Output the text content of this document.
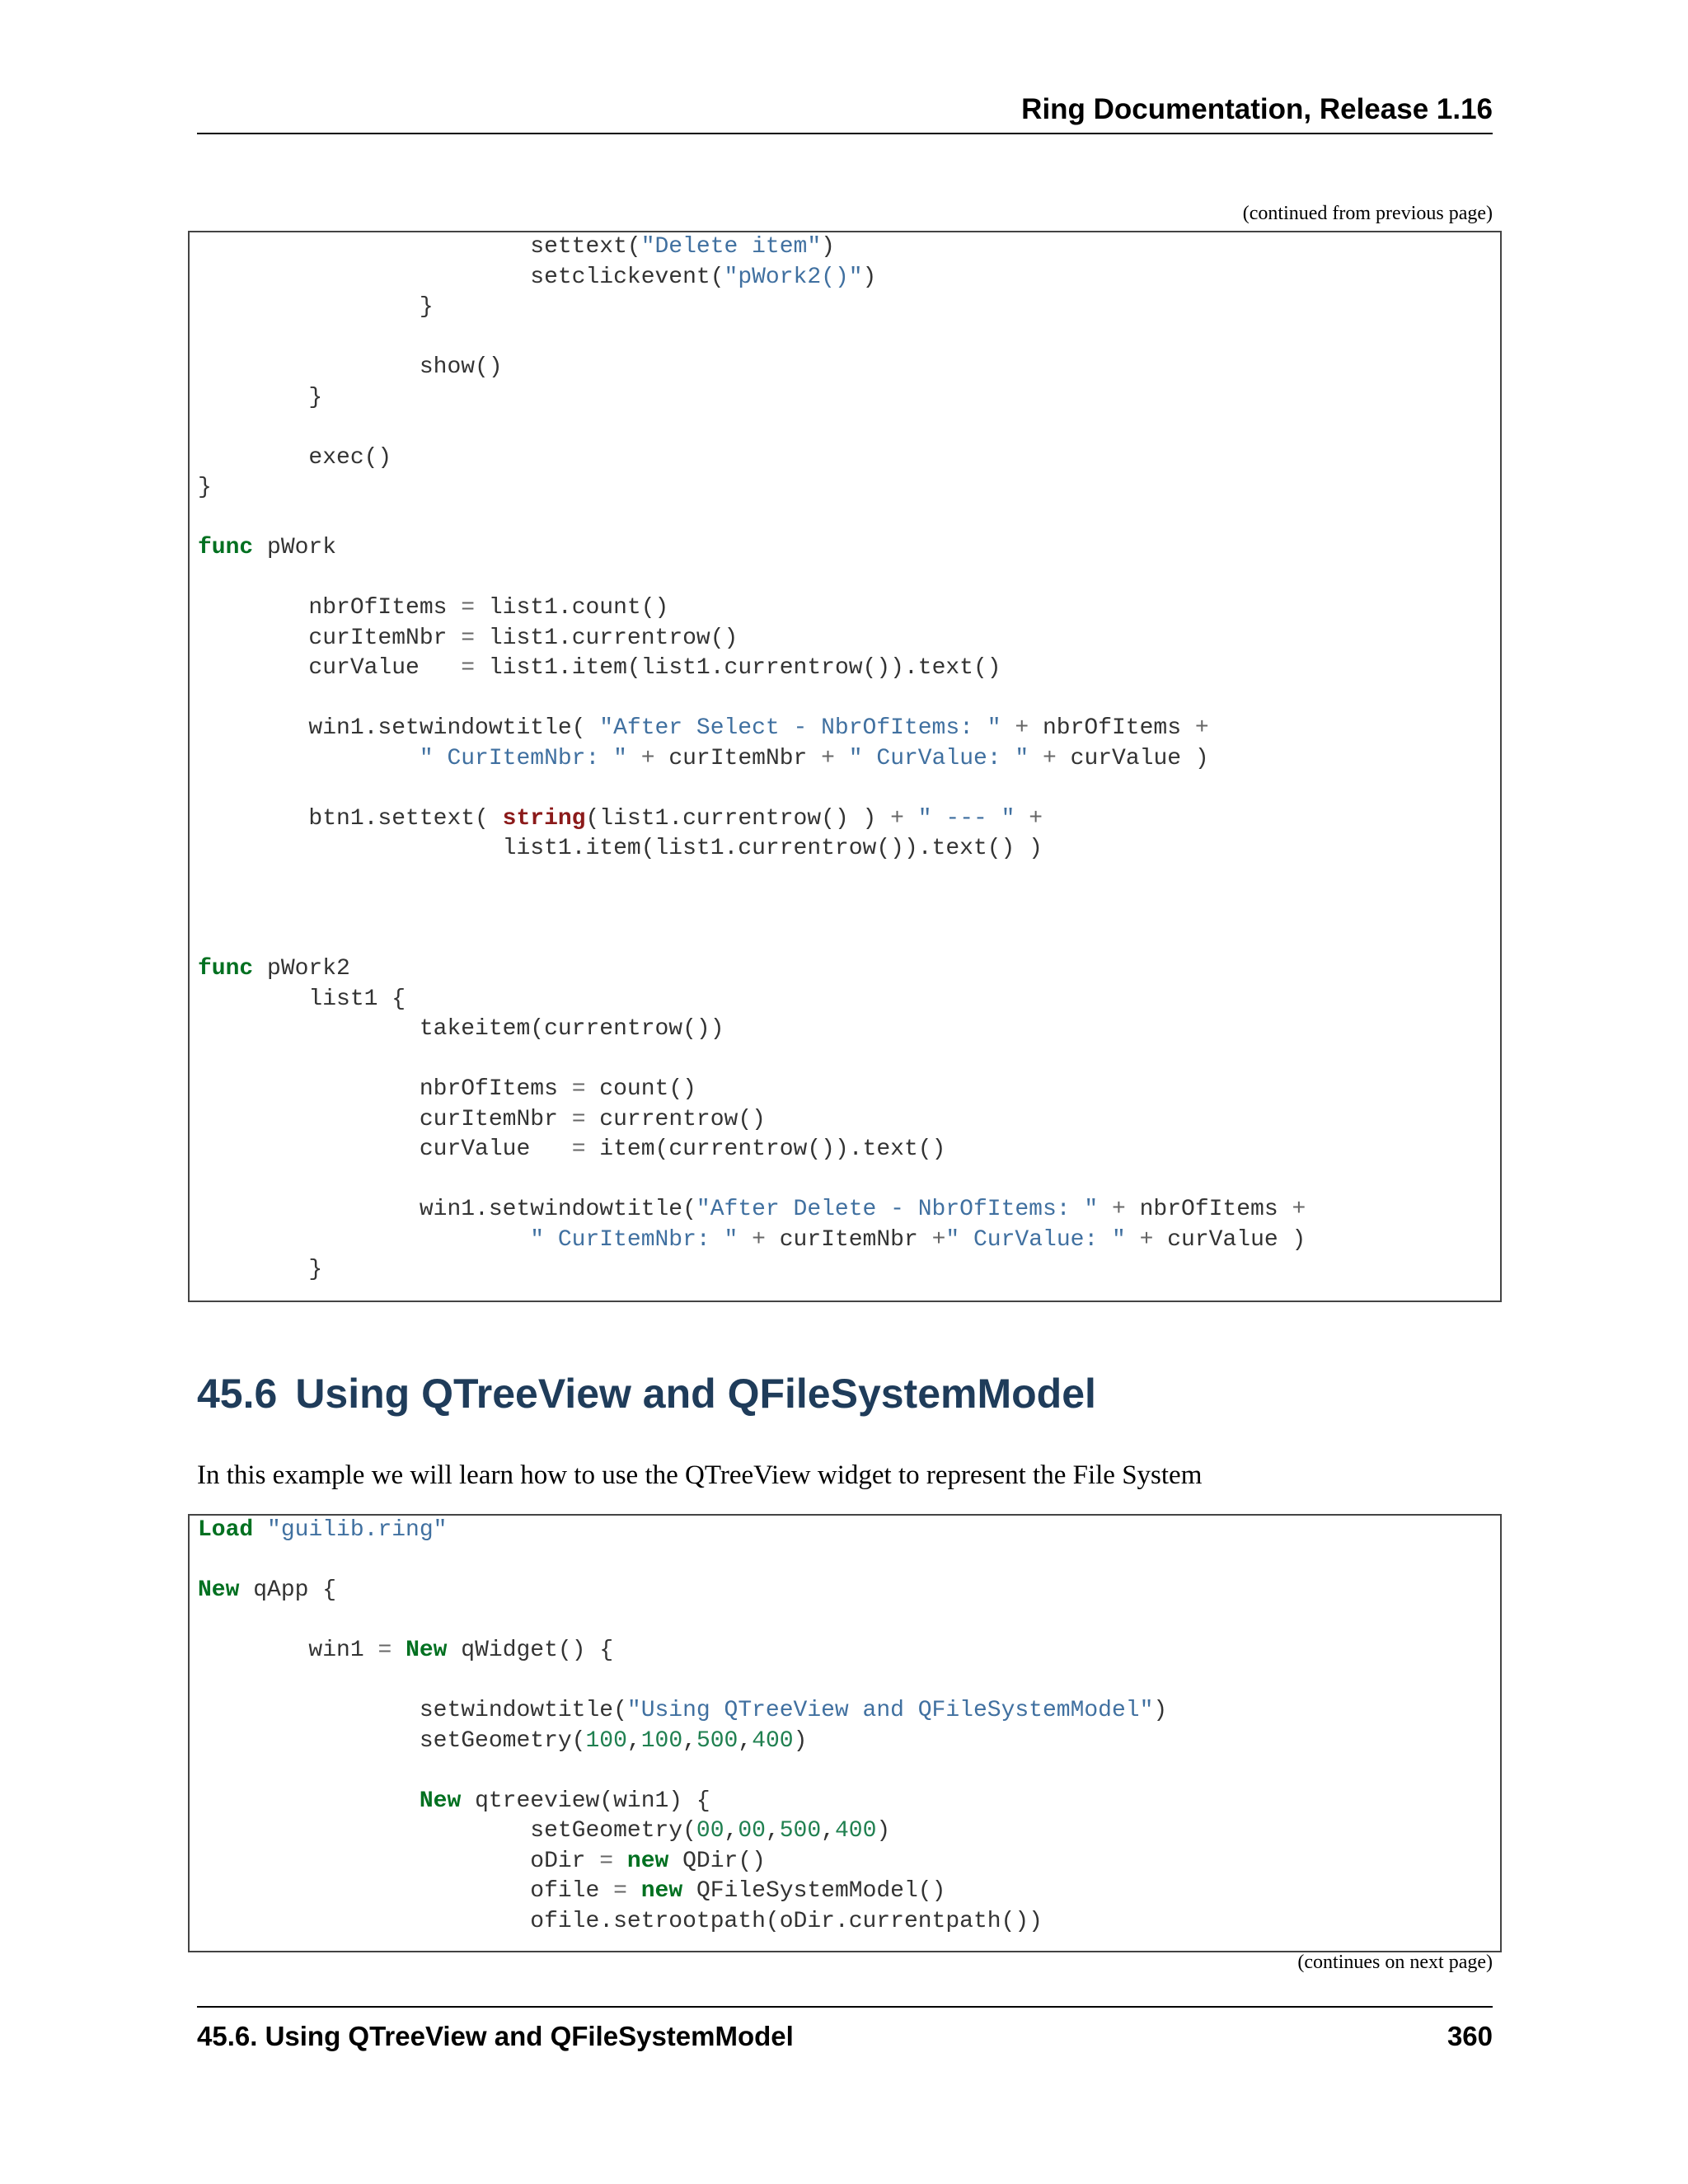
Ring Documentation, Release 1.16
(continued from previous page)
settext("Delete item")
setclickevent("pWork2()")
}

show()
}

exec()
}

func pWork

nbrOfItems = list1.count()
curItemNbr = list1.currentrow()
curValue   = list1.item(list1.currentrow()).text()

win1.setwindowtitle( "After Select - NbrOfItems: " + nbrOfItems +
" CurItemNbr: " + curItemNbr + " CurValue: " + curValue )

btn1.settext( string(list1.currentrow() ) + " --- " +
list1.item(list1.currentrow()).text() )

func pWork2
list1 {
takeitem(currentrow())

nbrOfItems = count()
curItemNbr = currentrow()
curValue   = item(currentrow()).text()

win1.setwindowtitle("After Delete - NbrOfItems: " + nbrOfItems +
" CurItemNbr: " + curItemNbr +" CurValue: " + curValue )
}
45.6 Using QTreeView and QFileSystemModel

In this example we will learn how to use the QTreeView widget to represent the File System

Load "guilib.ring"

New qApp {

win1 = New qWidget() {

setwindowtitle("Using QTreeView and QFileSystemModel")
setGeometry(100,100,500,400)

New qtreeview(win1) {
setGeometry(00,00,500,400)
oDir = new QDir()
ofile = new QFileSystemModel()
ofile.setrootpath(oDir.currentpath())
(continues on next page)
45.6. Using QTreeView and QFileSystemModel	360
